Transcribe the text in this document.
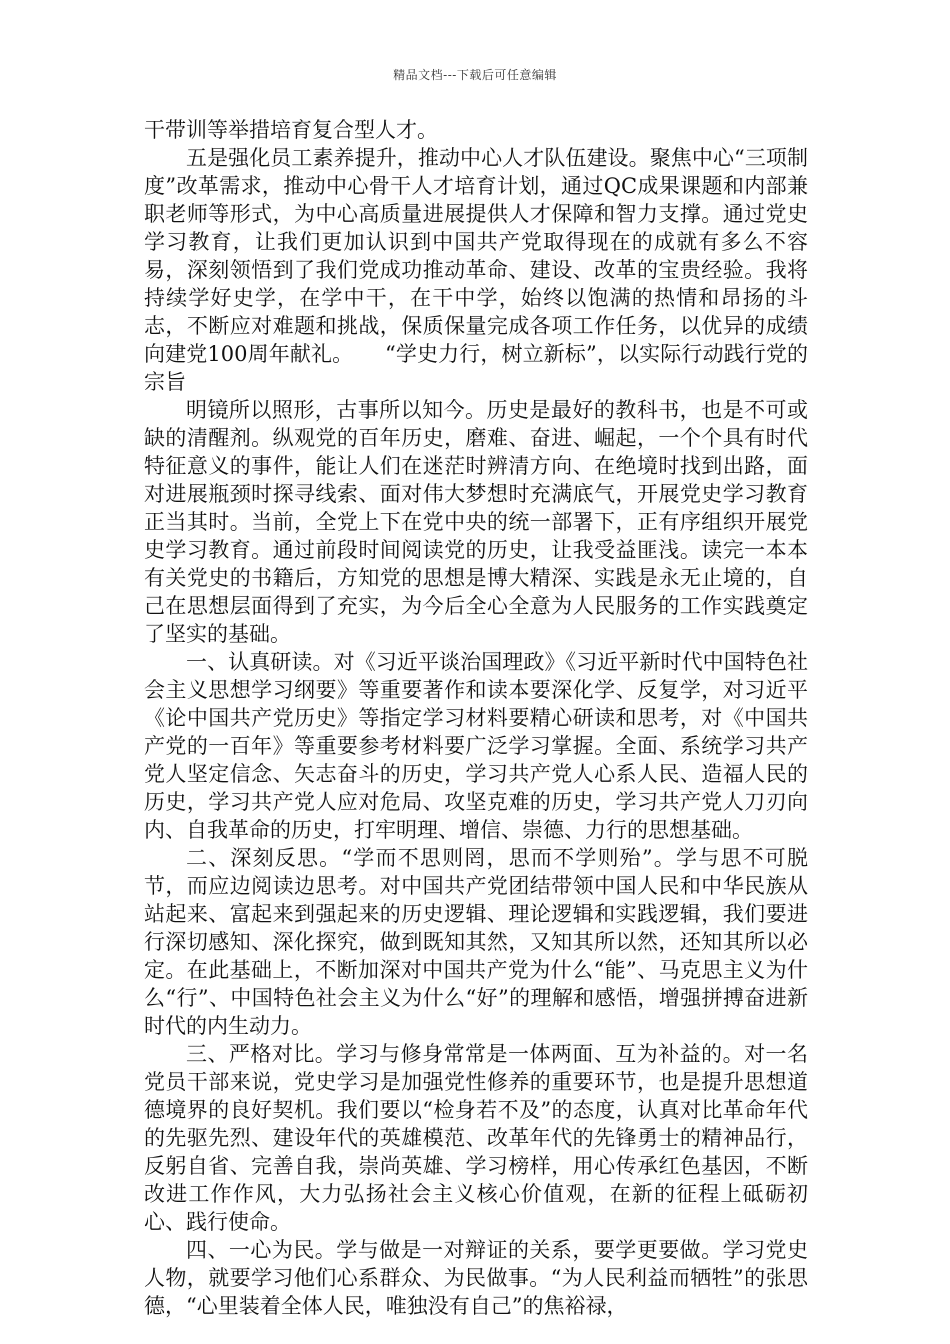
精品文档---下载后可任意编辑

干带训等举措培育复合型人才。

五是强化员工素养提升，推动中心人才队伍建设。聚焦中心“三项制度”改革需求，推动中心骨干人才培育计划，通过QC成果课题和内部兼职老师等形式，为中心高质量进展提供人才保障和智力支撑。通过党史学习教育，让我们更加认识到中国共产党取得现在的成就有多么不容易，深刻领悟到了我们党成功推动革命、建设、改革的宝贵经验。我将持续学好史学，在学中干，在干中学，始终以饱满的热情和昂扬的斗志，不断应对难题和挑战，保质保量完成各项工作任务，以优异的成绩向建党100周年献礼。　　“学史力行，树立新标”，以实际行动践行党的宗旨

明镜所以照形，古事所以知今。历史是最好的教科书，也是不可或缺的清醒剂。纵观党的百年历史，磨难、奋进、崛起，一个个具有时代特征意义的事件，能让人们在迷茫时辨清方向、在绝境时找到出路，面对进展瓶颈时探寻线索、面对伟大梦想时充满底气，开展党史学习教育正当其时。当前，全党上下在党中央的统一部署下，正有序组织开展党史学习教育。通过前段时间阅读党的历史，让我受益匪浅。读完一本本有关党史的书籍后，方知党的思想是博大精深、实践是永无止境的，自己在思想层面得到了充实，为今后全心全意为人民服务的工作实践奠定了坚实的基础。

一、认真研读。对《习近平谈治国理政》《习近平新时代中国特色社会主义思想学习纲要》等重要著作和读本要深化学、反复学，对习近平《论中国共产党历史》等指定学习材料要精心研读和思考，对《中国共产党的一百年》等重要参考材料要广泛学习掌握。全面、系统学习共产党人坚定信念、矢志奋斗的历史，学习共产党人心系人民、造福人民的历史，学习共产党人应对危局、攻坚克难的历史，学习共产党人刀刃向内、自我革命的历史，打牢明理、增信、崇德、力行的思想基础。

二、深刻反思。“学而不思则罔，思而不学则殆”。学与思不可脱节，而应边阅读边思考。对中国共产党团结带领中国人民和中华民族从站起来、富起来到强起来的历史逻辑、理论逻辑和实践逻辑，我们要进行深切感知、深化探究，做到既知其然，又知其所以然，还知其所以必定。在此基础上，不断加深对中国共产党为什么“能”、马克思主义为什么“行”、中国特色社会主义为什么“好”的理解和感悟，增强拼搏奋进新时代的内生动力。

三、严格对比。学习与修身常常是一体两面、互为补益的。对一名党员干部来说，党史学习是加强党性修养的重要环节，也是提升思想道德境界的良好契机。我们要以“检身若不及”的态度，认真对比革命年代的先驱先烈、建设年代的英雄模范、改革年代的先锋勇士的精神品行，反躬自省、完善自我，崇尚英雄、学习榜样，用心传承红色基因，不断改进工作作风，大力弘扬社会主义核心价值观，在新的征程上砥砺初心、践行使命。

四、一心为民。学与做是一对辩证的关系，要学更要做。学习党史人物，就要学习他们心系群众、为民做事。“为人民利益而牺牲”的张思德，“心里装着全体人民，唯独没有自己”的焦裕禄，
